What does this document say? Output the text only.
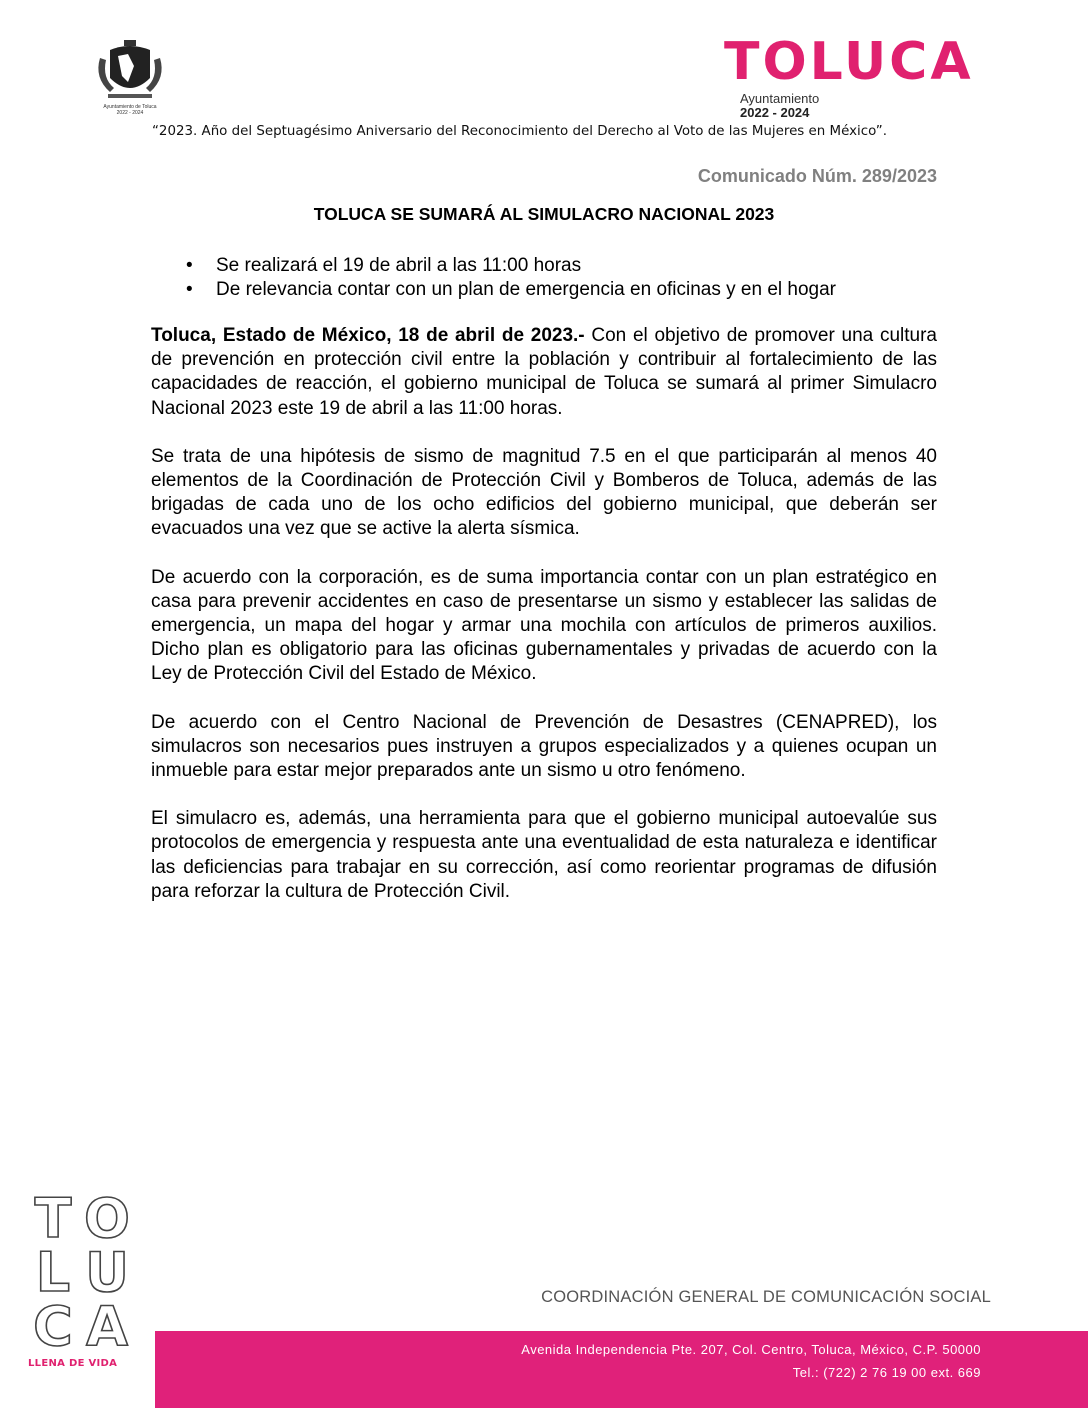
Ayuntamiento de Toluca
2022 - 2024
TOLUCA
Ayuntamiento
2022 - 2024
“2023. Año del Septuagésimo Aniversario del Reconocimiento del Derecho al Voto de las Mujeres en México”.
Comunicado Núm. 289/2023
TOLUCA SE SUMARÁ AL SIMULACRO NACIONAL 2023
• Se realizará el 19 de abril a las 11:00 horas
• De relevancia contar con un plan de emergencia en oficinas y en el hogar

Toluca, Estado de México, 18 de abril de 2023.- Con el objetivo de promover una cultura de prevención en protección civil entre la población y contribuir al fortalecimiento de las capacidades de reacción, el gobierno municipal de Toluca se sumará al primer Simulacro Nacional 2023 este 19 de abril a las 11:00 horas.

Se trata de una hipótesis de sismo de magnitud 7.5 en el que participarán al menos 40 elementos de la Coordinación de Protección Civil y Bomberos de Toluca, además de las brigadas de cada uno de los ocho edificios del gobierno municipal, que deberán ser evacuados una vez que se active la alerta sísmica.

De acuerdo con la corporación, es de suma importancia contar con un plan estratégico en casa para prevenir accidentes en caso de presentarse un sismo y establecer las salidas de emergencia, un mapa del hogar y armar una mochila con artículos de primeros auxilios. Dicho plan es obligatorio para las oficinas gubernamentales y privadas de acuerdo con la Ley de Protección Civil del Estado de México.

De acuerdo con el Centro Nacional de Prevención de Desastres (CENAPRED), los simulacros son necesarios pues instruyen a grupos especializados y a quienes ocupan un inmueble para estar mejor preparados ante un sismo u otro fenómeno.

El simulacro es, además, una herramienta para que el gobierno municipal autoevalúe sus protocolos de emergencia y respuesta ante una eventualidad de esta naturaleza e identificar las deficiencias para trabajar en su corrección, así como reorientar programas de difusión para reforzar la cultura de Protección Civil.

T O
L U
C A
LLENA DE VIDA
COORDINACIÓN GENERAL DE COMUNICACIÓN SOCIAL
Avenida Independencia Pte. 207, Col. Centro, Toluca, México, C.P. 50000
Tel.: (722) 2 76 19 00 ext. 669
